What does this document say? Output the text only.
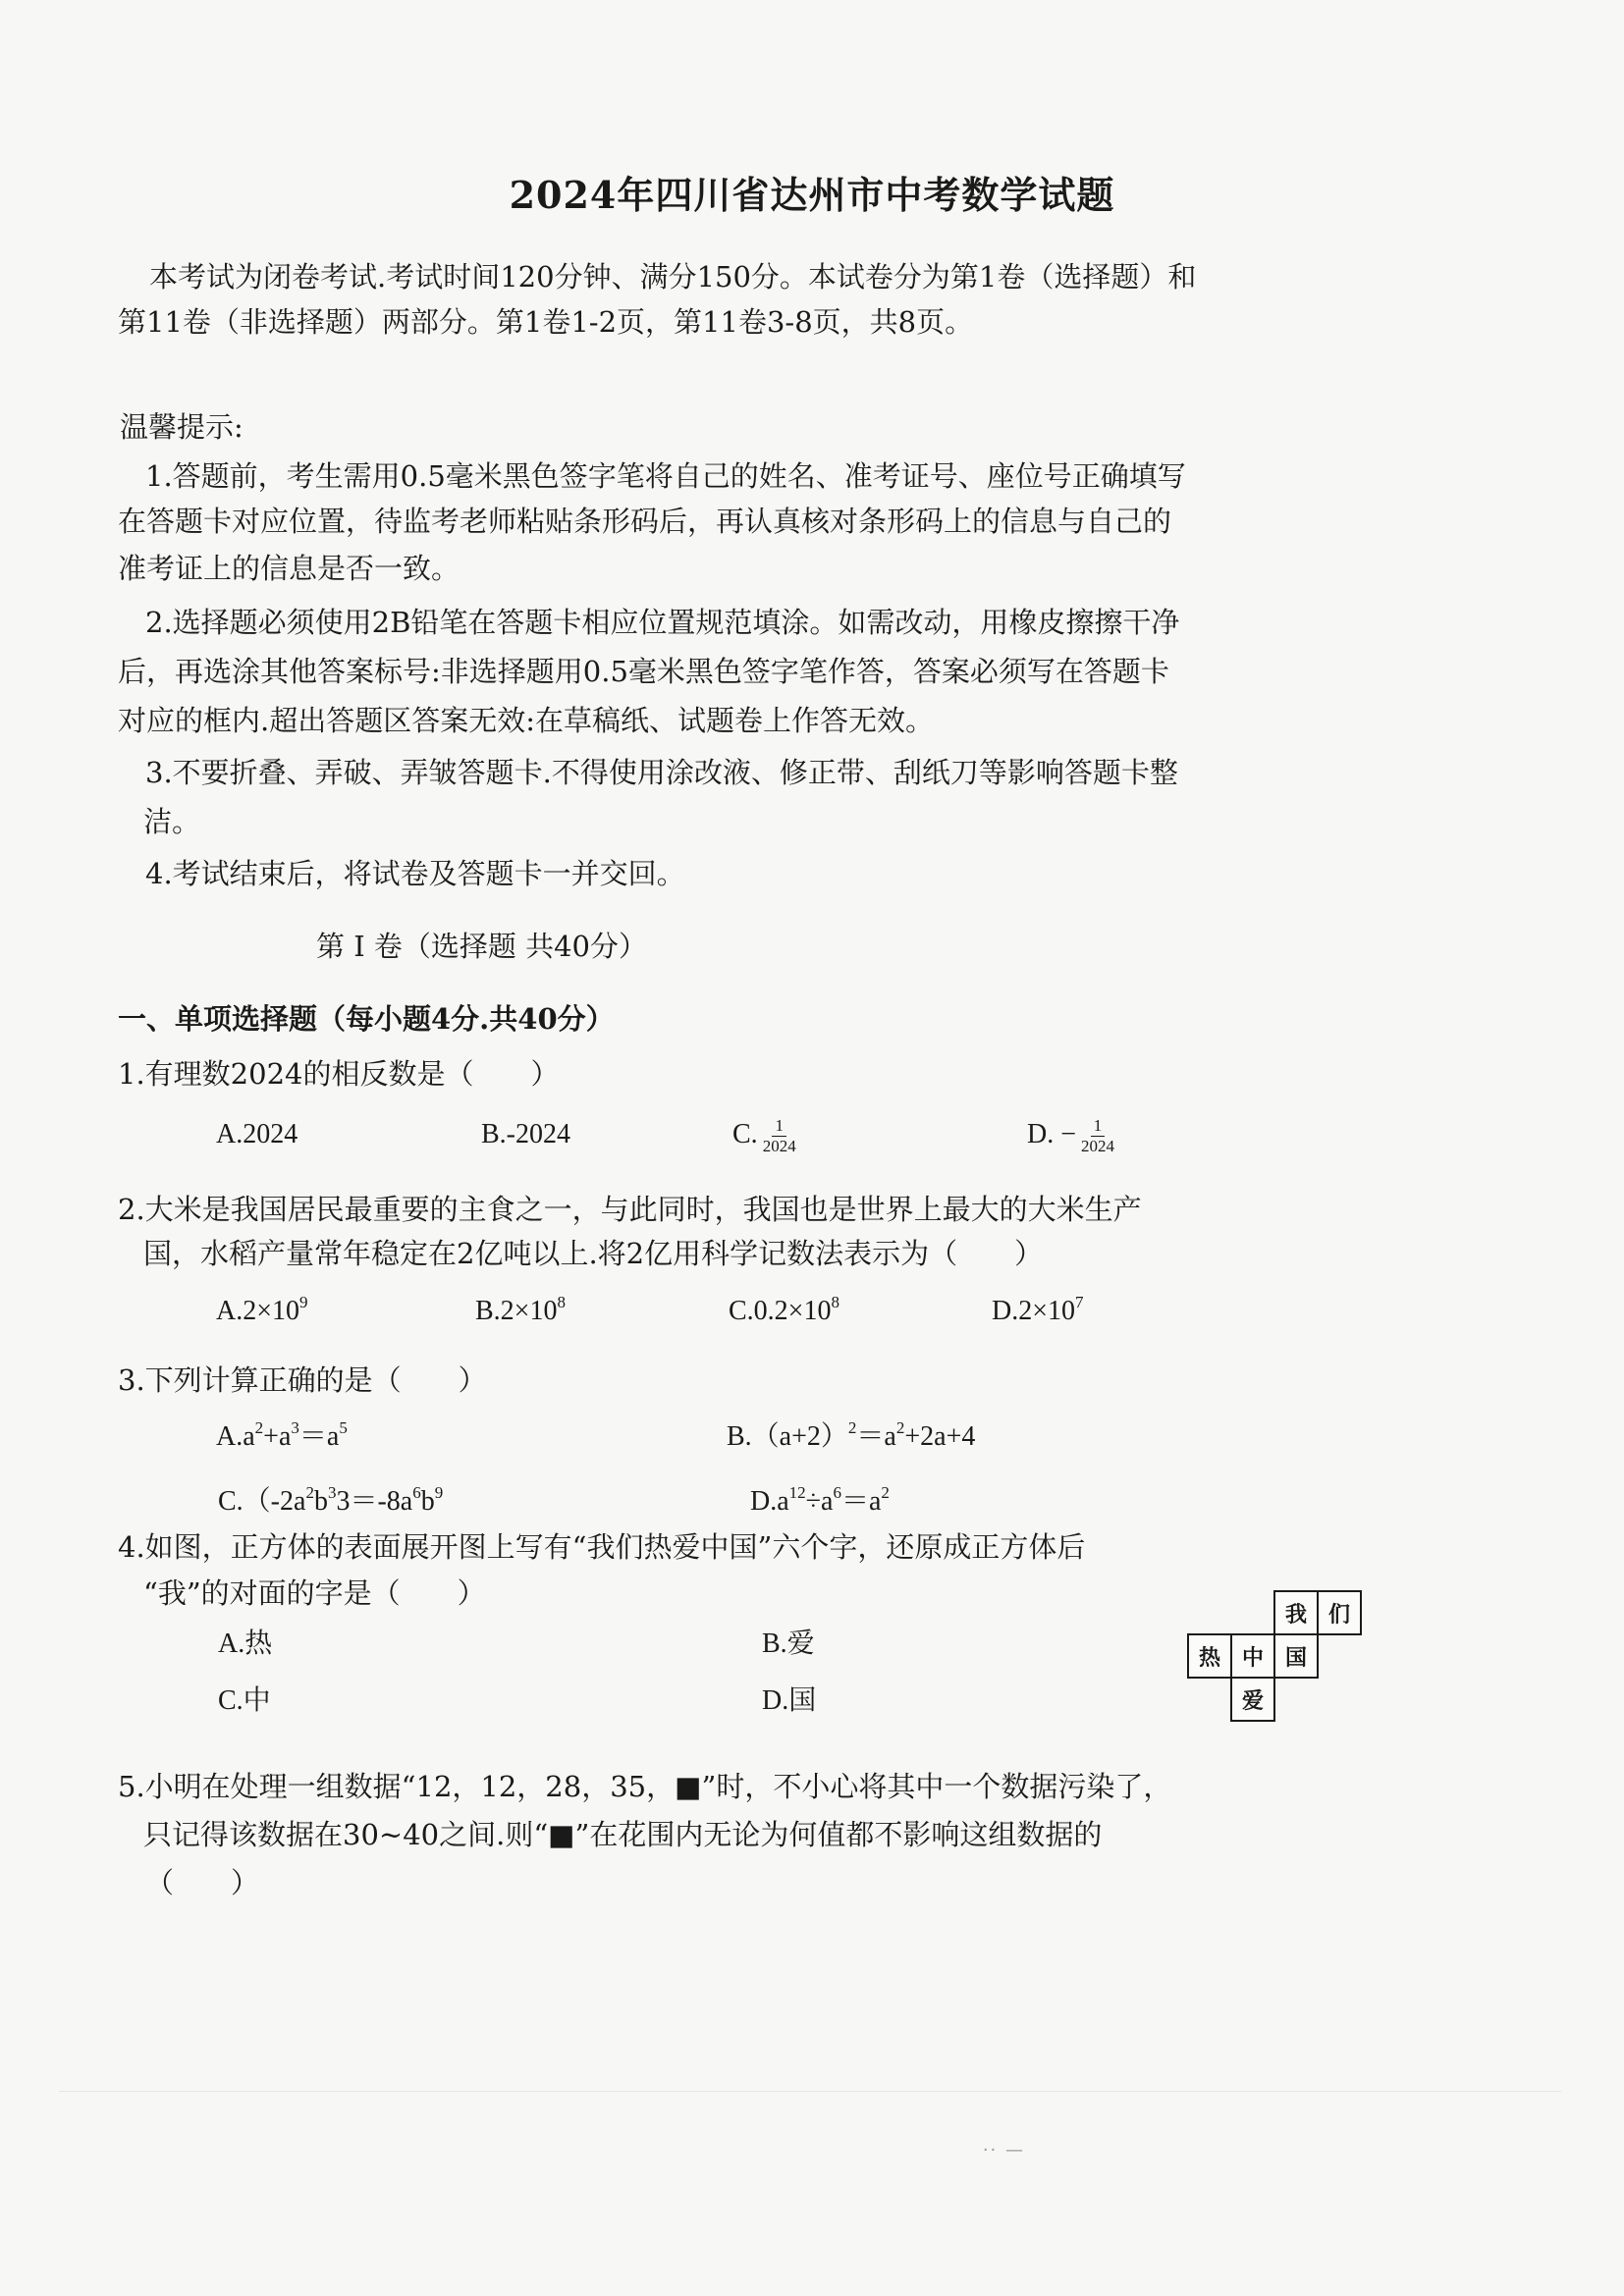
2024年四川省达州市中考数学试题
本考试为闭卷考试.考试时间120分钟、满分150分。本试卷分为第1卷（选择题）和
第11卷（非选择题）两部分。第1卷1-2页，第11卷3-8页，共8页。
温馨提示:
1.答题前，考生需用0.5毫米黑色签字笔将自己的姓名、准考证号、座位号正确填写
在答题卡对应位置，待监考老师粘贴条形码后，再认真核对条形码上的信息与自己的
准考证上的信息是否一致。
2.选择题必须使用2B铅笔在答题卡相应位置规范填涂。如需改动，用橡皮擦擦干净
后，再选涂其他答案标号:非选择题用0.5毫米黑色签字笔作答，答案必须写在答题卡
对应的框内.超出答题区答案无效:在草稿纸、试题卷上作答无效。
3.不要折叠、弄破、弄皱答题卡.不得使用涂改液、修正带、刮纸刀等影响答题卡整
洁。
4.考试结束后，将试卷及答题卡一并交回。
第 I 卷（选择题 共40分）
一、单项选择题（每小题4分.共40分）
1.有理数2024的相反数是（　　）
A.2024	B.-2024	C. $\frac{1}{2024}$	D. − $\frac{1}{2024}$
2.大米是我国居民最重要的主食之一，与此同时，我国也是世界上最大的大米生产
国，水稻产量常年稳定在2亿吨以上.将2亿用科学记数法表示为（　　）
$A.2\times 10^9$	$B.2\times 10^8$	$C.0.2\times 10^8$	$D.2\times 10^7$
3.下列计算正确的是（　　）
$A.a^2+a^3=a^5$	$B.(a+2)^2=a^2+2a+4$
$C.(-2a^2b^33=-8a^6b^9$	$D.a^{12}\div a^6=a^2$
4.如图，正方体的表面展开图上写有“我们热爱中国”六个字，还原成正方体后
“我”的对面的字是（　　）
A.热	B.爱
C.中	D.国
我 们
热 中 国
爱
5.小明在处理一组数据“12，12，28，35，■”时，不小心将其中一个数据污染了，
只记得该数据在30~40之间.则“■”在花围内无论为何值都不影响这组数据的
（　　）
·· —
